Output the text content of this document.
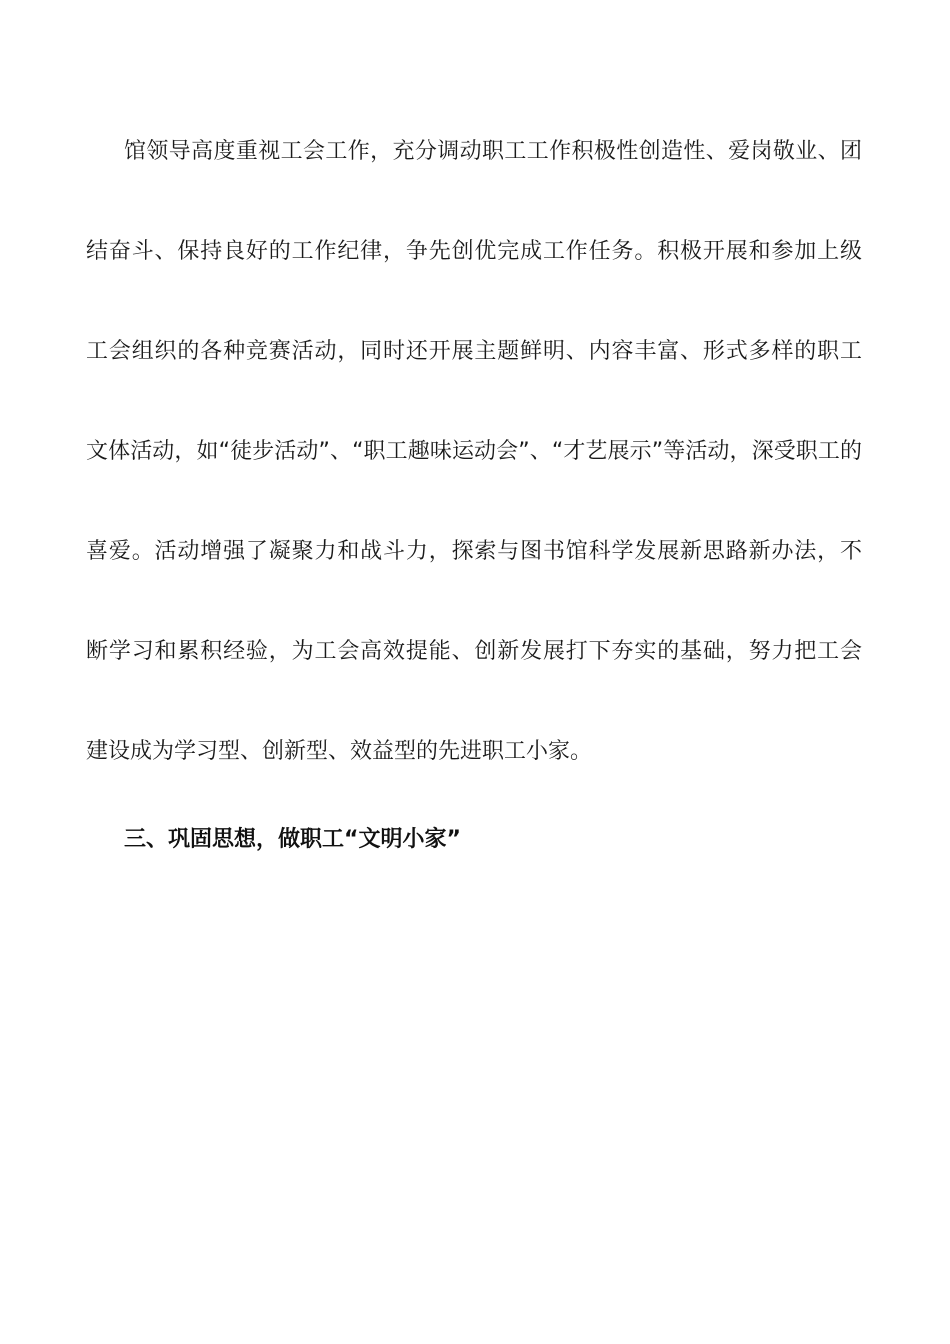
馆领导高度重视工会工作，充分调动职工工作积极性创造性、爱岗敬业、团
结奋斗、保持良好的工作纪律，争先创优完成工作任务。积极开展和参加上级
工会组织的各种竞赛活动，同时还开展主题鲜明、内容丰富、形式多样的职工
文体活动，如“徒步活动”、“职工趣味运动会”、“才艺展示”等活动，深受职工的
喜爱。活动增强了凝聚力和战斗力，探索与图书馆科学发展新思路新办法，不
断学习和累积经验，为工会高效提能、创新发展打下夯实的基础，努力把工会
建设成为学习型、创新型、效益型的先进职工小家。
三、巩固思想，做职工“文明小家”
